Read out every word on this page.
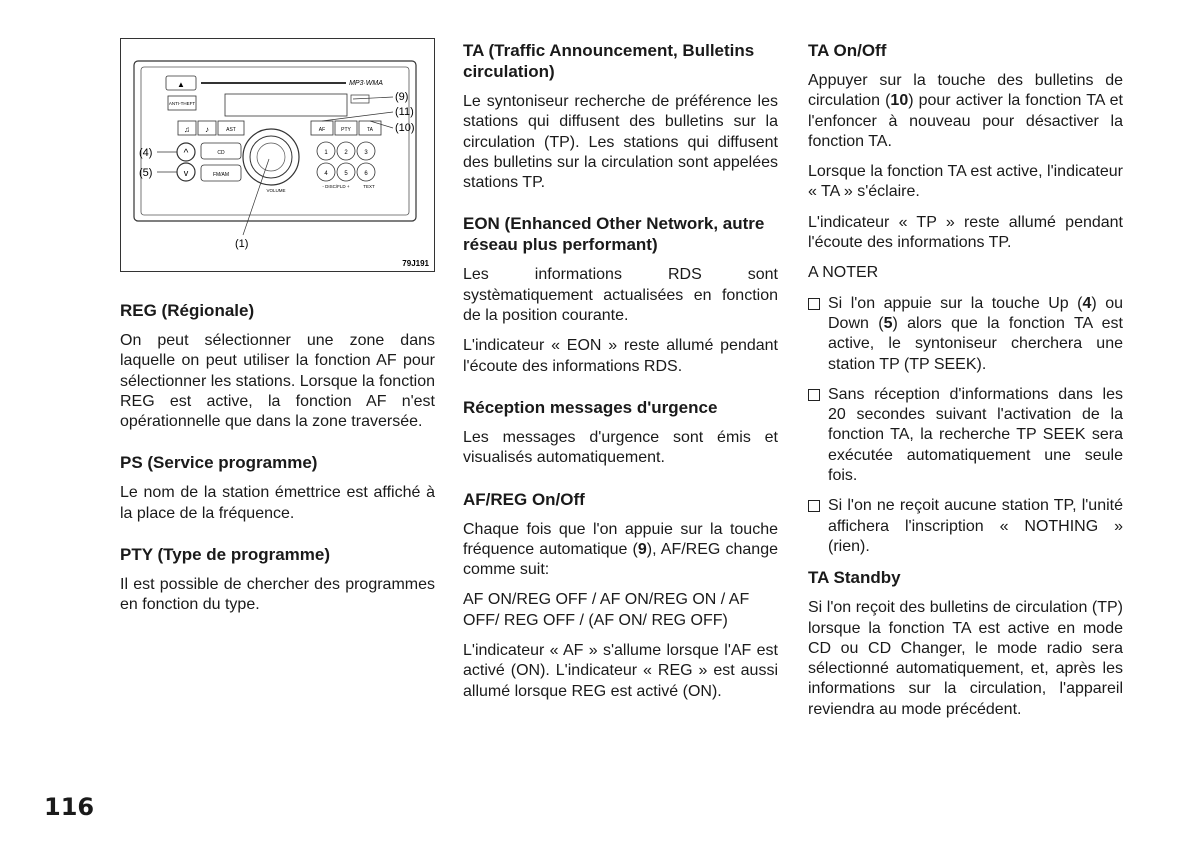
▲	MP3·WMA
ANTI-THEFT
♫ ♪	AST	AF	PTY	TA
^
v
CD
FM/AM
VOLUME
1	2	3
4	5	6
- DISC/FLD +	TEXT
(9)
(11)
(10)
(4)
(5)
(1)
79J191
REG (Régionale)

On peut sélectionner une zone dans laquelle on peut utiliser la fonction AF pour sélectionner les stations. Lorsque la fonction REG est active, la fonction AF n'est opérationnelle que dans la zone traversée.

PS (Service programme)

Le nom de la station émettrice est affiché à la place de la fréquence.

PTY (Type de programme)

Il est possible de chercher des programmes en fonction du type.

TA (Traffic Announcement, Bulletins circulation)

Le syntoniseur recherche de préférence les stations qui diffusent des bulletins sur la circulation (TP). Les stations qui diffusent des bulletins sur la circulation sont appelées stations TP.

EON (Enhanced Other Network, autre réseau plus performant)

Les informations RDS sont systèmatiquement actualisées en fonction de la position courante.

L'indicateur « EON » reste allumé pendant l'écoute des informations RDS.

Réception messages d'urgence

Les messages d'urgence sont émis et visualisés automatiquement.

AF/REG On/Off

Chaque fois que l'on appuie sur la touche fréquence automatique (9), AF/REG change comme suit:

AF ON/REG OFF / AF ON/REG ON / AF OFF/ REG OFF / (AF ON/ REG OFF)

L'indicateur « AF » s'allume lorsque l'AF est activé (ON). L'indicateur « REG » est aussi allumé lorsque REG est activé (ON).

TA On/Off

Appuyer sur la touche des bulletins de circulation (10) pour activer la fonction TA et l'enfoncer à nouveau pour désactiver la fonction TA.

Lorsque la fonction TA est active, l'indicateur « TA » s'éclaire.

L'indicateur « TP » reste allumé pendant l'écoute des informations TP.

A NOTER

Si l'on appuie sur la touche Up (4) ou Down (5) alors que la fonction TA est active, le syntoniseur cherchera une station TP (TP SEEK).
Sans réception d'informations dans les 20 secondes suivant l'activation de la fonction TA, la recherche TP SEEK sera exécutée automatiquement une seule fois.
Si l'on ne reçoit aucune station TP, l'unité affichera l'inscription « NOTHING » (rien).
TA Standby

Si l'on reçoit des bulletins de circulation (TP) lorsque la fonction TA est active en mode CD ou CD Changer, le mode radio sera sélectionné automatiquement, et, après les informations sur la circulation, l'appareil reviendra au mode précédent.

116
